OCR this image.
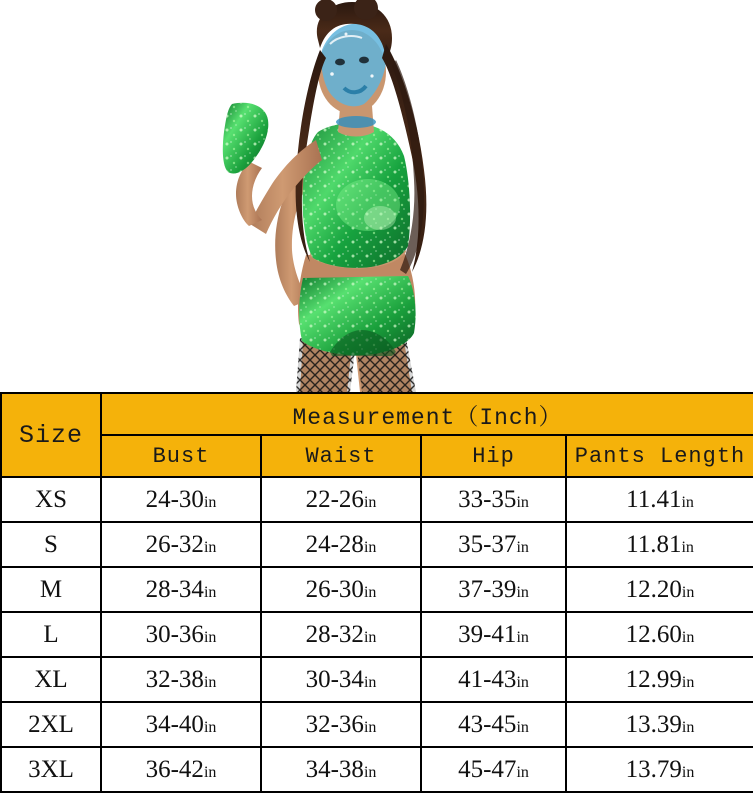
Size	Measurement（Inch）			
	Bust	Waist	Hip	Pants Length
XS	24-30in	22-26in	33-35in	11.41in
S	26-32in	24-28in	35-37in	11.81in
M	28-34in	26-30in	37-39in	12.20in
L	30-36in	28-32in	39-41in	12.60in
XL	32-38in	30-34in	41-43in	12.99in
2XL	34-40in	32-36in	43-45in	13.39in
3XL	36-42in	34-38in	45-47in	13.79in
